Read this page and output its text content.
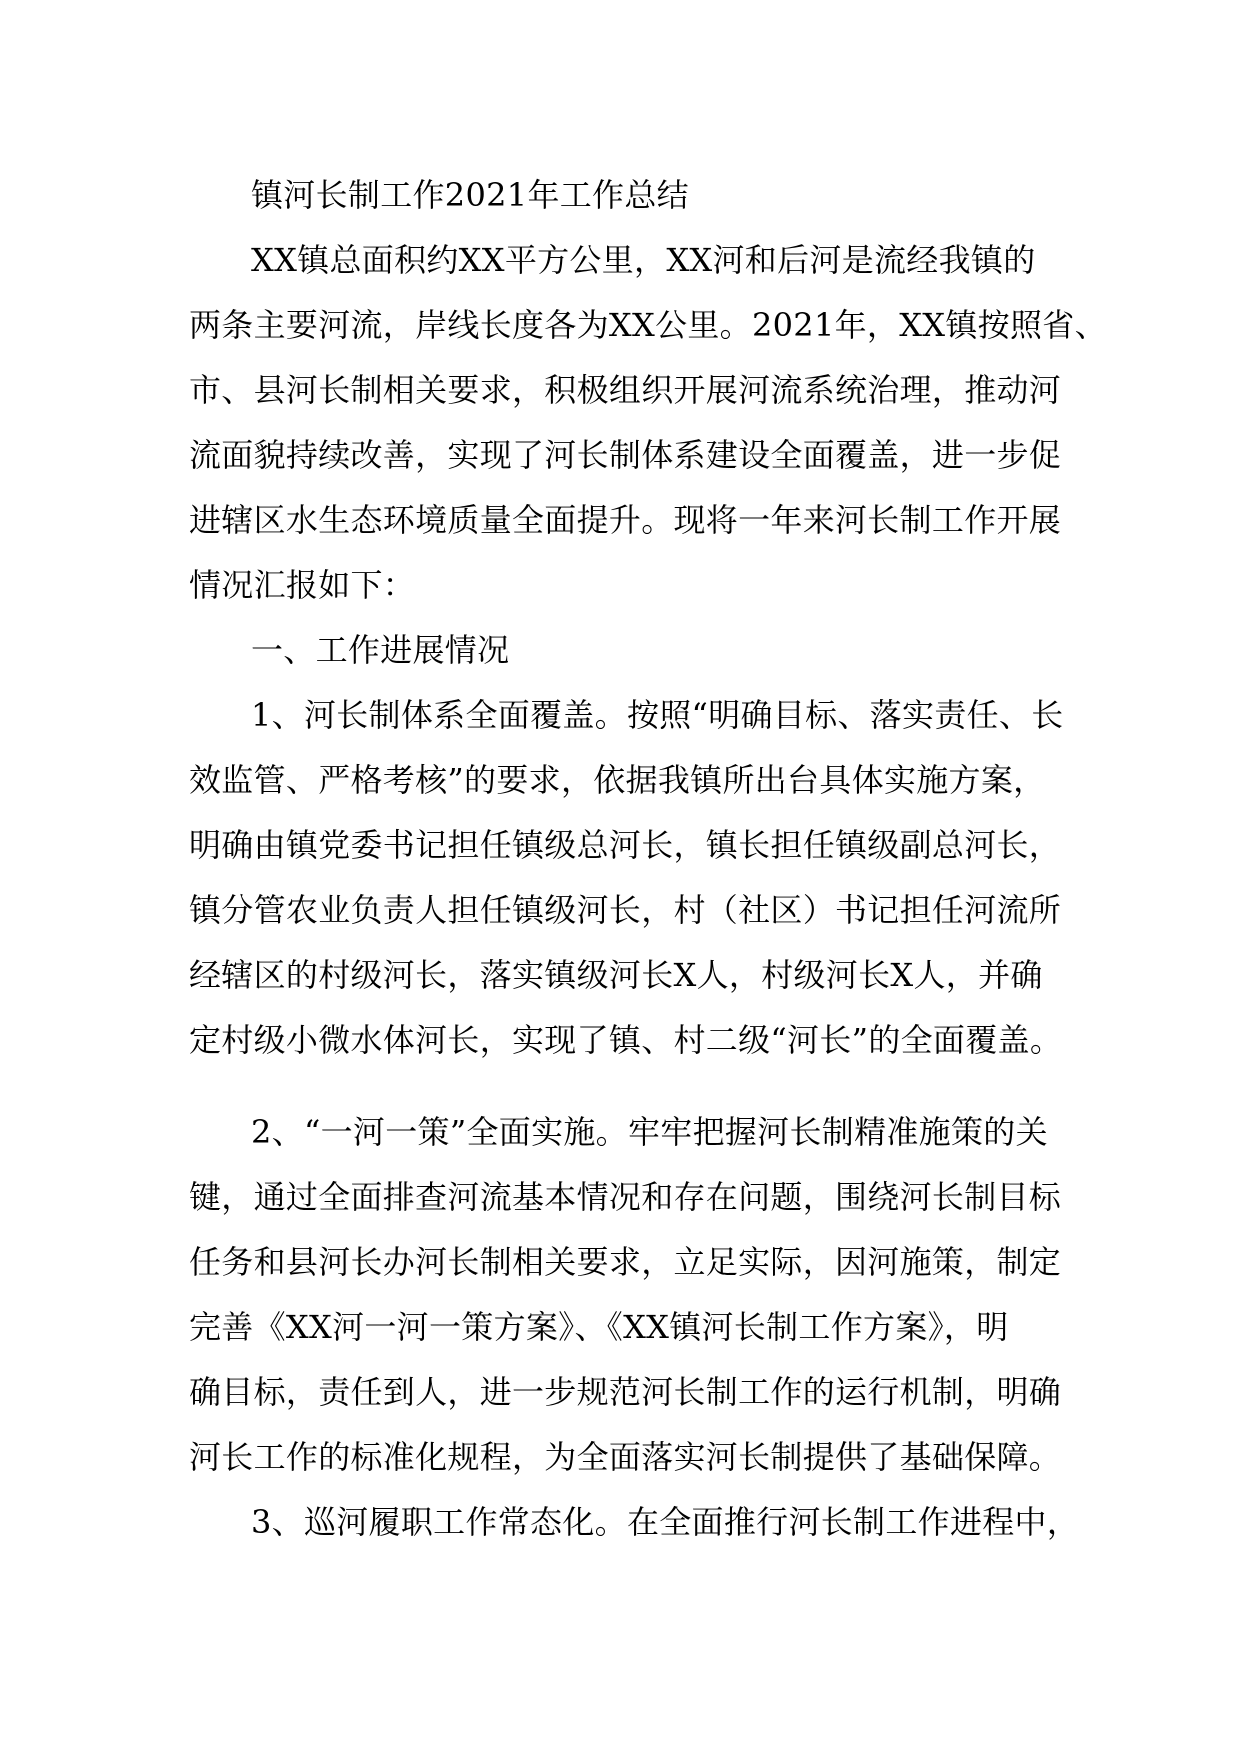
镇河长制工作2021年工作总结
XX镇总面积约XX平方公里，XX河和后河是流经我镇的
两条主要河流，岸线长度各为XX公里。2021年，XX镇按照省、
市、县河长制相关要求，积极组织开展河流系统治理，推动河
流面貌持续改善，实现了河长制体系建设全面覆盖，进一步促
进辖区水生态环境质量全面提升。现将一年来河长制工作开展
情况汇报如下：
一、工作进展情况
1、河长制体系全面覆盖。按照“明确目标、落实责任、长
效监管、严格考核”的要求，依据我镇所出台具体实施方案，
明确由镇党委书记担任镇级总河长，镇长担任镇级副总河长，
镇分管农业负责人担任镇级河长，村（社区）书记担任河流所
经辖区的村级河长，落实镇级河长X人，村级河长X人，并确
定村级小微水体河长，实现了镇、村二级“河长”的全面覆盖。
2、“一河一策”全面实施。牢牢把握河长制精准施策的关
键，通过全面排查河流基本情况和存在问题，围绕河长制目标
任务和县河长办河长制相关要求，立足实际，因河施策，制定
完善《XX河一河一策方案》、《XX镇河长制工作方案》，明
确目标，责任到人，进一步规范河长制工作的运行机制，明确
河长工作的标准化规程，为全面落实河长制提供了基础保障。
3、巡河履职工作常态化。在全面推行河长制工作进程中，
